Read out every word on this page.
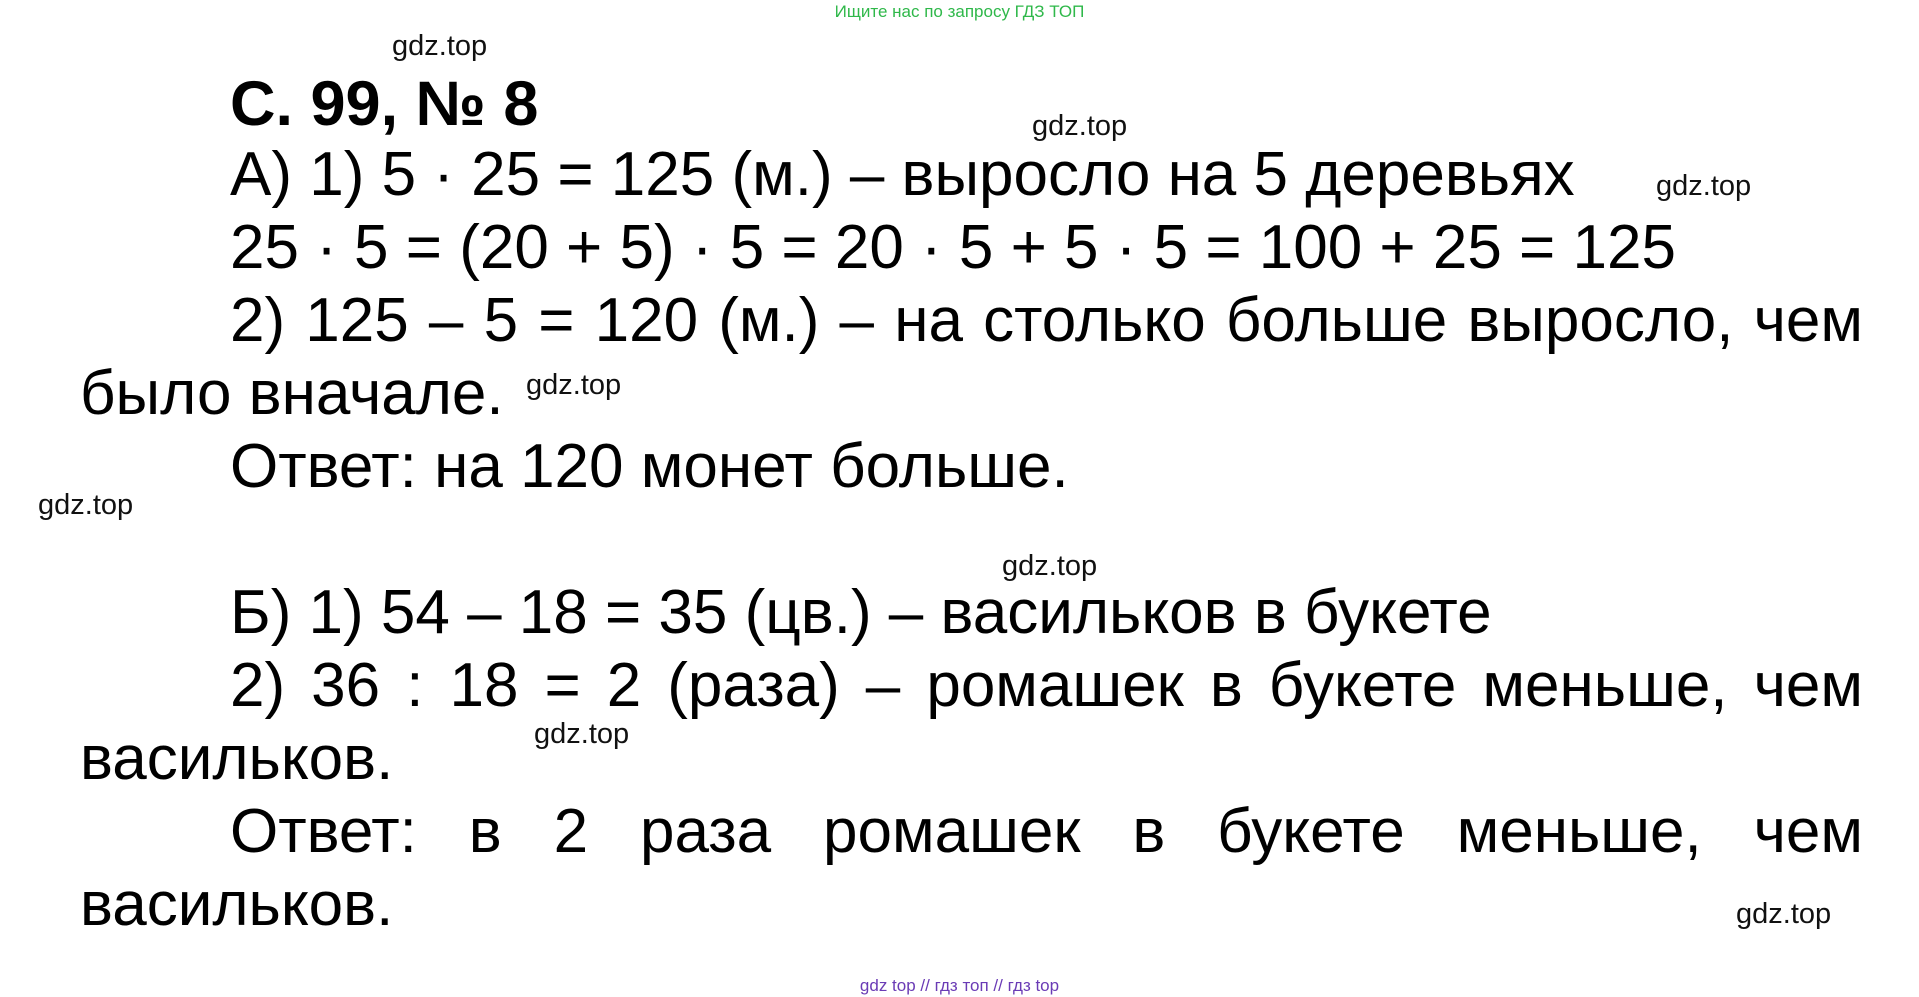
Ищите нас по запросу ГДЗ ТОП
gdz.top
gdz.top
gdz.top
gdz.top
gdz.top
gdz.top
gdz.top
gdz.top
С. 99, № 8
А) 1) 5 · 25 = 125 (м.) – выросло на 5 деревьях
25 · 5 = (20 + 5) · 5 = 20 · 5 + 5 · 5 = 100 + 25 = 125
2) 125 – 5 = 120 (м.) – на столько больше выросло, чем
было вначале.
Ответ: на 120 монет больше.
Б) 1) 54 – 18 = 35 (цв.) – васильков в букете
2) 36 : 18 = 2 (раза) – ромашек в букете меньше, чем
васильков.
Ответ: в 2 раза ромашек в букете меньше, чем
васильков.
gdz top // гдз топ // гдз top
